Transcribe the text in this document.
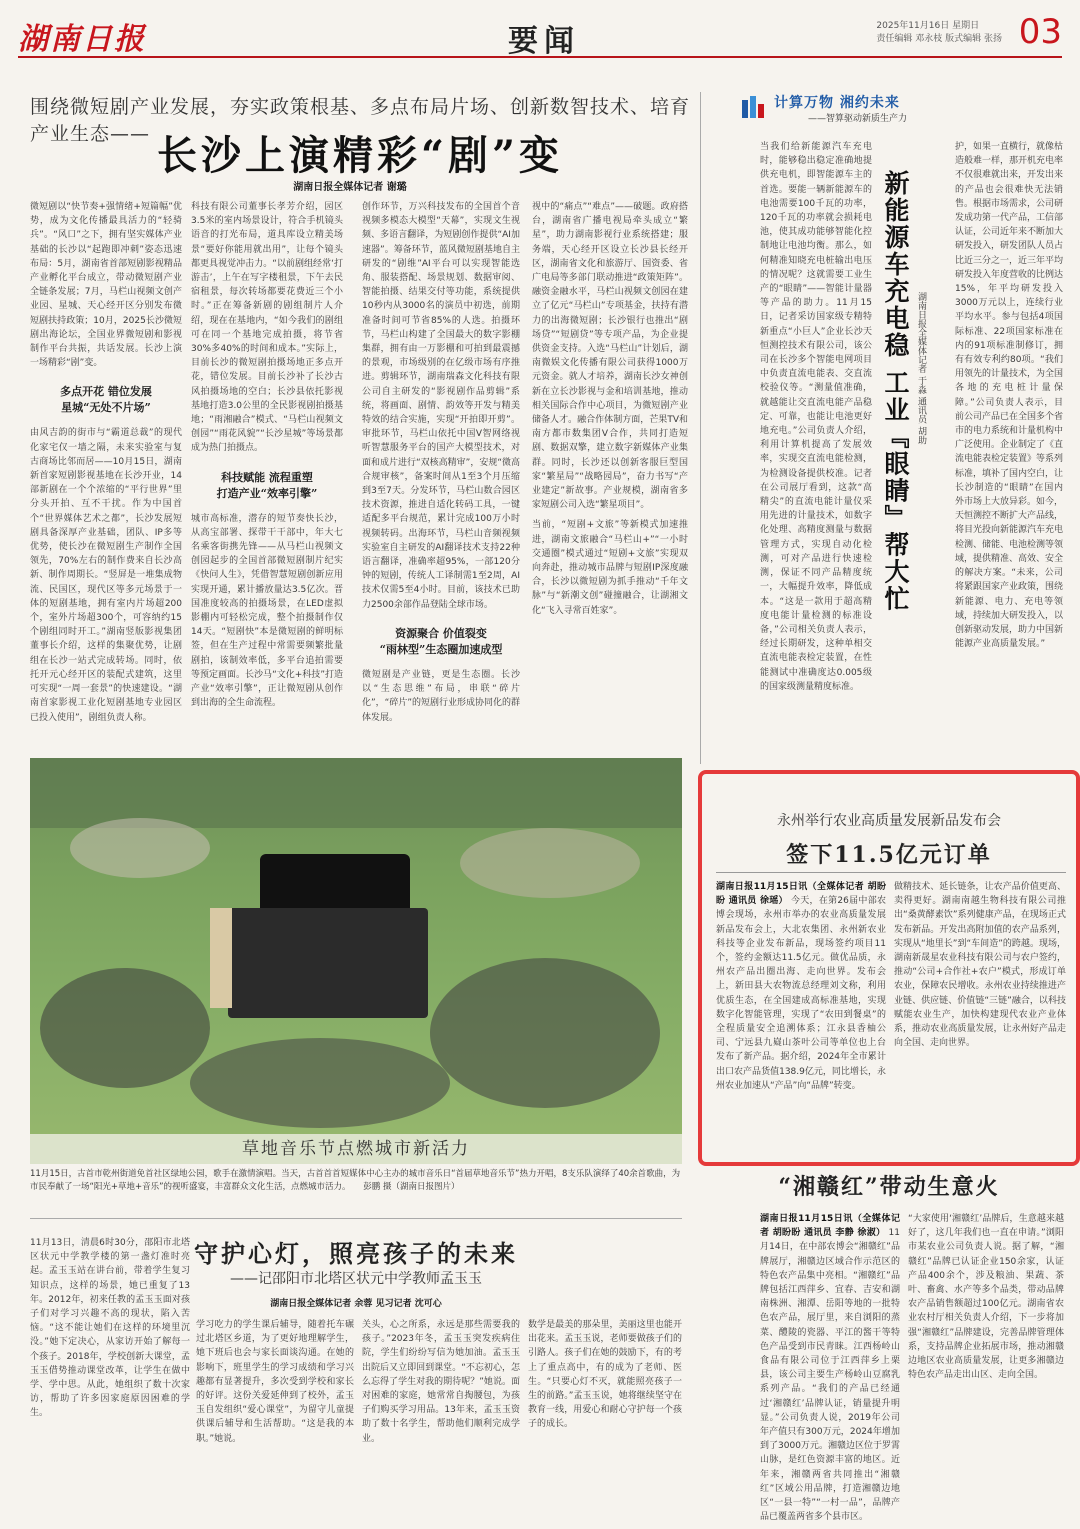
湖南日报	要闻	2025年11月16日 星期日
责任编辑 邓永枝 版式编辑 张扬 03
围绕微短剧产业发展，夯实政策根基、多点布局片场、创新数智技术、培育产业生态—— 长沙上演精彩“剧”变
湖南日报全媒体记者 谢璐

微短剧以“快节奏+强情绪+短篇幅”优势，成为文化传播最具活力的“轻骑兵”。“风口”之下，拥有坚实媒体产业基础的长沙以“起跑即冲刺”姿态迅速布局：5月，湖南省首部短剧影视精品产业孵化平台成立，带动微短剧产业全链条发展；7月，马栏山视频文创产业园、星城、天心经开区分别发布微短剧扶持政策；10月，2025长沙微短剧出海论坛，全国业界微短剧和影视制作平台共振，共话发展。长沙上演一场精彩“剧”变。

多点开花 错位发展
星城“无处不片场”

由风吉韵的街市与“霸道总裁”的现代化家宅仅一墙之隔，未来实验室与复古商场比邻而居——10月15日，湖南新首家短剧影视基地在长沙开业，14部新剧在一个个浓缩的“平行世界”里分头开拍、互不干扰。作为中国首个“世界媒体艺术之都”，长沙发展短剧具备深厚产业基础，团队、IP多等优势，使长沙在微短剧生产制作全国领先，70%左右的制作费来自长沙高新、制作周期长。“竖屏是一堆集成物流、民国区，现代区等多元场景于一体的短剧基地，拥有室内片场超200个，室外片场超300个，可容纳约15个剧组同时开工。”湖南竖版影视集团董事长介绍，这样的集聚优势，让剧组在长沙一站式完成转场。同时，依托开元心经开区的装配式建筑，这里可实现“一周一套景”的快速建设。“湖南首家影视工业化短剧基地专业园区已投入使用”，剧组负责人称。

科技有限公司董事长孝芳介绍，园区3.5米的室内场景设计，符合手机镜头语音的打光布局，道具库设立精美场景“要好你能用就出用”，让每个镜头都更具视觉冲击力。“以前剧组经常‘打游击’，上午在写字楼租景，下午去民宿租景，每次转场都要花费近三个小时。”正在筹备新剧的剧组制片人介绍，现在在基地内，“如今我们的剧组可在同一个基地完成拍摄，将节省30%多40%的时间和成本。”实际上，目前长沙的微短剧拍摄场地正多点开花，错位发展。目前长沙补了长沙古风拍摄场地的空白；长沙县依托影视基地打造3.0公里的全民影视剧拍摄基地；“雨湘融合”模式、“马栏山视频文创园”“雨花风貌”“长沙星城”等场景都成为热门拍摄点。

科技赋能 流程重塑
打造产业“效率引擎”

城市高标准，潜存的短节奏快长沙，从高宝部署、探带干干部中，年大七名乘客街携先锋——从马栏山视频文创园起步的全国首部微短剧制片纪实《快问人生》，凭借智慧短剧创新应用实现开通，累计播放量达3.5亿次。晋国准度较高的拍摄场景，在LED虚拟影棚内可轻松完成，整个拍摄制作仅14天。“短剧快”本是微短剧的鲜明标签，但在生产过程中常需要频繁批量剧拍，该制效率低，多平台追拍需要等预定画面。长沙马“文化+科技”打造产业“效率引擎”，正让微短剧从创作到出海的全生命流程。

创作环节，万兴科技发布的全国首个音视频多模态大模型“天幕”，实现文生视频、多语言翻译，为短剧创作提供“AI加速器”。筹备环节，蓝风微短剧基地自主研发的“剧维”AI平台可以实现智能选角、服装搭配、场景规划、数据审阅、智能拍摄、结果交付等功能，系统提供10秒内从3000名的演员中初选，前期准备时间可节省85%的人选。拍摄环节，马栏山构建了全国最大的数字影棚集群，拥有由一万影棚和可拍到最震撼的景观，市场级别的在亿级市场有序推进。剪辑环节，湖南瑞森文化科技有限公司自主研发的“影视剧作品剪辑”系统，将画面、剧情、韵效等开发与精美特效的结合实施，实现“开拍即开剪”。审批环节，马栏山依托中国V智网络视听智慧服务平台的国产大模型技术，对面和成片进行“双核高精审”，安规“微高合规审核”，备案时间从1至3个月压缩到3至7天。分发环节，马栏山数合园区技术资源，推进自适化转码工具，一键适配多平台规范，累计完成100万小时视频转码。出海环节，马栏山音频视频实验室自主研发的AI翻译技术支持22种语言翻译，准确率超95%，一部120分钟的短剧，传统人工译制需1至2周，AI技术仅需5至4小时。目前，该技术已助力2500余部作品登陆全球市场。

资源聚合 价值裂变
“雨林型”生态圈加速成型

微短剧是产业链，更是生态圈。长沙以“生态思维”布局，串联“碎片化”，“碎片”的短剧行业形成协同化的群体发展。

视中的“痛点”“难点”——破题。政府搭台，湖南省广播电视局牵头成立“繁星”，助力湖南影视行业系统搭建；服务端，天心经开区设立长沙县长经开区，湖南省文化和旅游厅、国资委、省广电局等多部门联动推进“政策矩阵”。融资金融水平，马栏山视频文创园在建立了亿元“马栏山”专项基金，扶持有潜力的出海微短剧；长沙银行也推出“剧场贷”“短剧贷”等专项产品，为企业提供资金支持。入选“马栏山”计划后，湖南微娱文化传播有限公司获得1000万元资金。就人才培养，湖南长沙女神创新在立长沙影视与金和培训基地，推动相关国际合作中心项目，为微短剧产业储备人才。融合作体制方面，芒果TV和南方都市数集团V合作，共同打造短剧、数据双擎，建立数字新媒体产业集群。同时，长沙还以创新客服巨型国家“繁星局”“战略园局”，奋力书写“产业建定”新故事。产业规模，湖南省多家短剧公司入选“繁星项目”。

当前，“短剧+文旅”等新模式加速推进，湖南文旅融合“马栏山+”“一小时交通圈”模式通过“短剧+文旅”实现双向奔赴，推动城市品牌与短剧IP深度融合，长沙以微短剧为抓手推动“千年文脉”与“新潮文创”碰撞融合，让湖湘文化“飞入寻常百姓家”。

草地音乐节点燃城市新活力
11月15日，古首市乾州街道免首社区绿地公园，歌手在激情演唱。当天，古首首首短媒体中心主办的城市音乐日“首届草地音乐节”热力开唱，8支乐队演绎了40余首歌曲，为市民奉献了一场“阳光+草地+音乐”的视听盛宴，丰富群众文化生活，点燃城市活力。 彭鹏 摄（湖南日报图片）
计算万物 湘约未来
——智算驱动新质生产力

当我们给新能源汽车充电时，能够稳出稳定准确地提供充电机，即智能源车主的首选。要能一辆新能源车的电池需要100千瓦的功率，120千瓦的功率就会损耗电池，使其成功能够智能化控制地让电池均衡。那么，如何精准知晓充电桩输出电压的情况呢？这就需要工业生产的“眼睛”——智能计量器等产品的助力。11月15日，记者采访国家级专精特新重点“小巨人”企业长沙天恒测控技术有限公司，该公司在长沙多个智能电网项目中负责直流电能表、交直流校验仪等。“测量值准确，就越能让交直流电能产品稳定、可靠，也能让电池更好地充电。”公司负责人介绍，利用计算机提高了发展效率，实现交直流电能检测，为检测设备提供校准。记者在公司展厅看到，这款“高精尖”的直流电能计量仪采用先进的计量技术，如数字化处理、高精度测量与数据管理方式，实现自动化检测，可对产品进行快速检测，保证不同产品精度统一，大幅提升效率，降低成本。“这是一款用于超高精度电能计量检测的标准设备，”公司相关负责人表示，经过长期研发，这种单相交直流电能表检定装置，在性能测试中准确度达0.005级的国家级测量精度标准。

新能源车充电稳 工业『眼睛』帮大忙 湖南日报全媒体记者 于淼 通讯员 胡助

护，如果一直横行，就像枯造般难一样，那开机充电率不仅很难就出来，开发出来的产品也会很难快无法销售。根据市场需求，公司研发成功第一代产品，工信部认证，公司近年来不断加大研发投入，研发团队人员占比近三分之一，近三年平均研发投入年度营收的比例达15%，年平均研发投入3000万元以上，连续行业平均水平。参与包括4项国际标准、22项国家标准在内的91项标准制修订，拥有有效专利约80项。“我们用领先的计量技术，为全国各地的充电桩计量保障。”公司负责人表示，目前公司产品已在全国多个省市的电力系统和计量机构中广泛使用。企业制定了《直流电能表检定装置》等系列标准，填补了国内空白，让长沙制造的“眼睛”在国内外市场上大放异彩。如今，天恒测控不断扩大产品线，将目光投向新能源汽车充电检测、储能、电池检测等领域，提供精准、高效、安全的解决方案。“未来，公司将紧跟国家产业政策，围绕新能源、电力、充电等领域，持续加大研发投入，以创新驱动发展，助力中国新能源产业高质量发展。”

永州举行农业高质量发展新品发布会
签下11.5亿元订单
湖南日报11月15日讯（全媒体记者 胡盼盼 通讯员 徐瑶） 今天，在第26届中部农博会现场，永州市举办的农业高质量发展新品发布会上，大北农集团、永州新农业科技等企业发布新品，现场签约项目11个，签约金额达11.5亿元。做优品质，永州农产品出圈出海、走向世界。发布会上，新田县大农物流总经理刘文称，利用优质生态，在全国建成高标准基地，实现数字化智能管理，实现了“农田到餐桌”的全程质量安全追溯体系；江永县香柚公司、宁远县九嶷山茶叶公司等单位也上台发布了新产品。据介绍，2024年全市累计出口农产品货值138.9亿元，同比增长，永州农业加速从“产品”向“品牌”转变。

做精技术、延长链条，让农产品价值更高、卖得更好。湖南南越生物科技有限公司推出“桑黄酵素饮”系列健康产品，在现场正式发布新品。开发出高附加值的农产品系列，实现从“地里长”到“车间造”的跨越。现场，湖南新晟星农业科技有限公司与农户签约，推动“公司+合作社+农户”模式，形成订单农业，保障农民增收。永州农业持续推进产业链、供应链、价值链“三链”融合，以科技赋能农业生产，加快构建现代农业产业体系，推动农业高质量发展，让永州好产品走向全国、走向世界。

“湘赣红”带动生意火
湖南日报11月15日讯（全媒体记者 胡盼盼 通讯员 李静 徐淑） 11月14日，在中部农博会“湘赣红”品牌展厅，湘赣边区域合作示范区的特色农产品集中亮相。“湘赣红”品牌包括江西萍乡、宜春、吉安和湖南株洲、湘潭、岳阳等地的一批特色农产品，展厅里，来自浏阳的蒸菜、醴陵的瓷器、平江的酱干等特色产品受到市民青睐。江西杨岭山食品有限公司位于江西萍乡上栗县，该公司主要生产杨岭山豆腐乳系列产品。“我们的产品已经通过‘湘赣红’品牌认证，销量提升明显。”公司负责人说，2019年公司年产值只有300万元，2024年增加到了3000万元。湘赣边区位于罗霄山脉，是红色资源丰富的地区。近年来，湘赣两省共同推出“湘赣红”区域公用品牌，打造湘赣边地区“一县一特”“一村一品”，品牌产品已覆盖两省多个县市区。

“大家使用‘湘赣红’品牌后，生意越来越好了，这几年我们也一直在申请。”浏阳市某农业公司负责人说。据了解，“湘赣红”品牌已认证企业150余家，认证产品400余个，涉及粮油、果蔬、茶叶、畜禽、水产等多个品类，带动品牌农产品销售额超过100亿元。湖南省农业农村厅相关负责人介绍，下一步将加强“湘赣红”品牌建设，完善品牌管理体系，支持品牌企业拓展市场，推动湘赣边地区农业高质量发展，让更多湘赣边特色农产品走出山区、走向全国。

守护心灯，照亮孩子的未来
——记邵阳市北塔区状元中学教师孟玉玉
湖南日报全媒体记者 余蓉 见习记者 沈可心

11月13日，清晨6时30分，邵阳市北塔区状元中学教学楼的第一盏灯准时亮起。孟玉玉站在讲台前，带着学生复习知识点，这样的场景，她已重复了13年。2012年，初来任教的孟玉玉面对孩子们对学习兴趣不高的现状，陷入苦恼。“这不能让她们在这样的环境里沉没。”她下定决心，从家访开始了解每一个孩子。2018年，学校创新大课堂，孟玉玉借势推动课堂改革，让学生在做中学、学中思。从此，她组织了数十次家访，帮助了许多因家庭原因困难的学生。

学习吃力的学生课后辅导，随着托车碾过北塔区乡道，为了更好地理解学生，她下班后也会与家长面谈沟通。在她的影响下，班里学生的学习成绩和学习兴趣都有显著提升，多次受到学校和家长的好评。这份关爱延伸到了校外，孟玉玉自发组织“爱心课堂”，为留守儿童提供课后辅导和生活帮助。“这是我的本职。”她说。

关头，心之所系，永远是那些需要我的孩子。”2023年冬，孟玉玉突发疾病住院，学生们纷纷写信为她加油。孟玉玉出院后又立即回到课堂。“不忘初心，怎么忘得了学生对我的期待呢？”她说。面对困难的家庭，她常常自掏腰包，为孩子们购买学习用品。13年来，孟玉玉资助了数十名学生，帮助他们顺利完成学业。

数学是最美的那朵里，美丽这里也能开出花来。孟玉玉说，老师要做孩子们的引路人。孩子们在她的鼓励下，有的考上了重点高中，有的成为了老师、医生。“只要心灯不灭，就能照亮孩子一生的前路。”孟玉玉说，她将继续坚守在教育一线，用爱心和耐心守护每一个孩子的成长。
